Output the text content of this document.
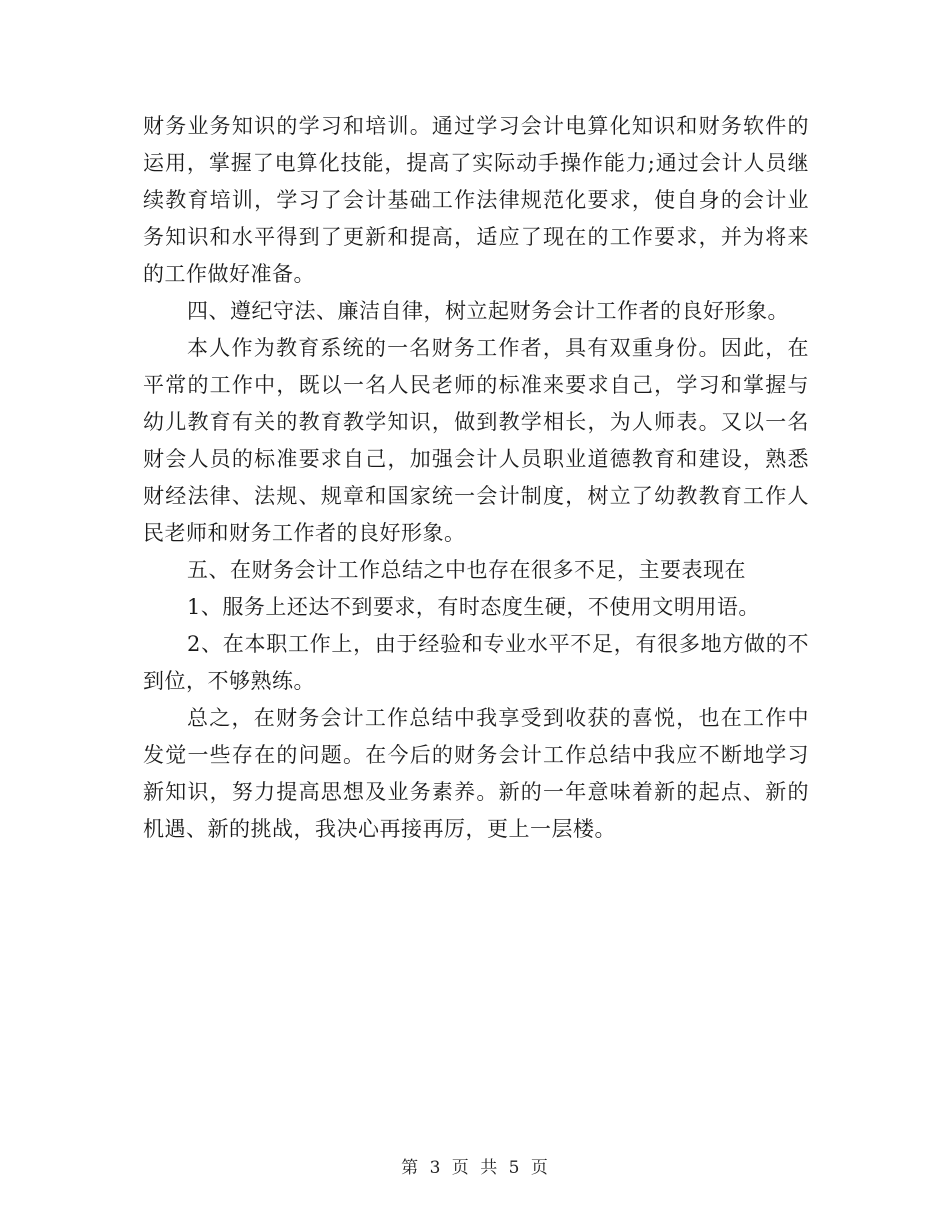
财务业务知识的学习和培训。通过学习会计电算化知识和财务软件的运用，掌握了电算化技能，提高了实际动手操作能力;通过会计人员继续教育培训，学习了会计基础工作法律规范化要求，使自身的会计业务知识和水平得到了更新和提高，适应了现在的工作要求，并为将来的工作做好准备。

四、遵纪守法、廉洁自律，树立起财务会计工作者的良好形象。

本人作为教育系统的一名财务工作者，具有双重身份。因此，在平常的工作中，既以一名人民老师的标准来要求自己，学习和掌握与幼儿教育有关的教育教学知识，做到教学相长，为人师表。又以一名财会人员的标准要求自己，加强会计人员职业道德教育和建设，熟悉财经法律、法规、规章和国家统一会计制度，树立了幼教教育工作人民老师和财务工作者的良好形象。

五、在财务会计工作总结之中也存在很多不足，主要表现在

1、服务上还达不到要求，有时态度生硬，不使用文明用语。

2、在本职工作上，由于经验和专业水平不足，有很多地方做的不到位，不够熟练。

总之，在财务会计工作总结中我享受到收获的喜悦，也在工作中发觉一些存在的问题。在今后的财务会计工作总结中我应不断地学习新知识，努力提高思想及业务素养。新的一年意味着新的起点、新的机遇、新的挑战，我决心再接再厉，更上一层楼。

第 3 页 共 5 页
